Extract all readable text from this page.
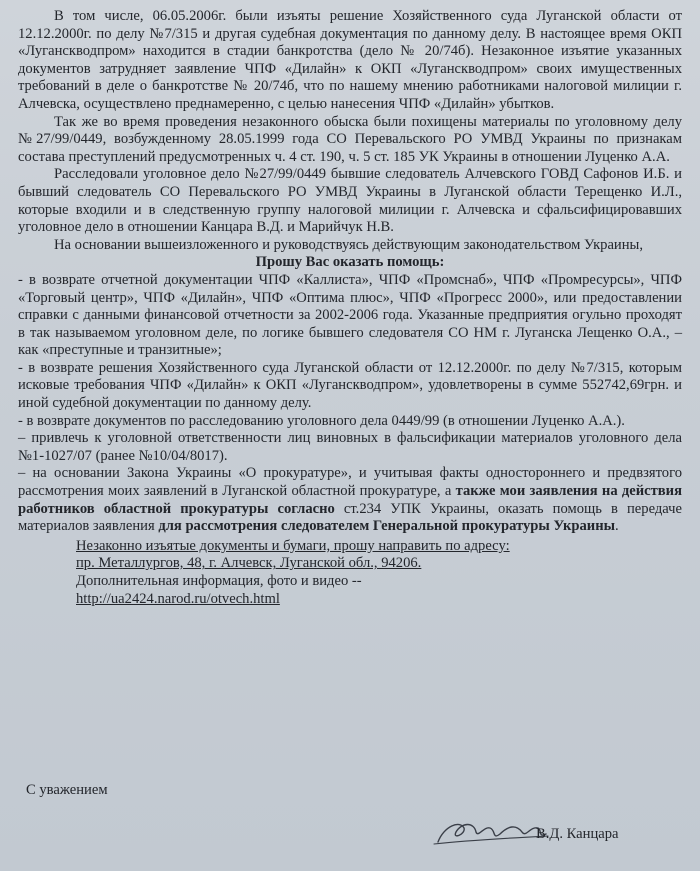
В том числе, 06.05.2006г. были изъяты решение Хозяйственного суда Луганской области от 12.12.2000г. по делу №7/315 и другая судебная документация по данному делу. В настоящее время ОКП «Луганскводпром» находится в стадии банкротства (дело № 20/74б). Незаконное изъятие указанных документов затрудняет заявление ЧПФ «Дилайн» к ОКП «Луганскводпром» своих имущественных требований в деле о банкротстве № 20/74б, что по нашему мнению работниками налоговой милиции г. Алчевска, осуществлено преднамеренно, с целью нанесения ЧПФ «Дилайн» убытков.

Так же во время проведения незаконного обыска были похищены материалы по уголовному делу №27/99/0449, возбужденному 28.05.1999 года СО Перевальского РО УМВД Украины по признакам состава преступлений предусмотренных ч. 4 ст. 190, ч. 5 ст. 185 УК Украины в отношении Луценко А.А.

Расследовали уголовное дело №27/99/0449 бывшие следователь Алчевского ГОВД Сафонов И.Б. и бывший следователь СО Перевальского РО УМВД Украины в Луганской области Терещенко И.Л., которые входили и в следственную группу налоговой милиции г. Алчевска и сфальсифицировавших уголовное дело в отношении Канцара В.Д. и Марийчук Н.В.

На основании вышеизложенного и руководствуясь действующим законодательством Украины,

Прошу Вас оказать помощь:

- в возврате отчетной документации ЧПФ «Каллиста», ЧПФ «Промснаб», ЧПФ «Промресурсы», ЧПФ «Торговый центр», ЧПФ «Дилайн», ЧПФ «Оптима плюс», ЧПФ «Прогресс 2000», или предоставлении справки с данными финансовой отчетности за 2002-2006 года. Указанные предприятия огульно проходят в так называемом уголовном деле, по логике бывшего следователя СО НМ г. Луганска Лещенко О.А., – как «преступные и транзитные»;

- в возврате решения Хозяйственного суда Луганской области от 12.12.2000г. по делу №7/315, которым исковые требования ЧПФ «Дилайн» к ОКП «Луганскводпром», удовлетворены в сумме 552742,69грн. и иной судебной документации по данному делу.

- в возврате документов по расследованию уголовного дела 0449/99 (в отношении Луценко А.А.).

– привлечь к уголовной ответственности лиц виновных в фальсификации материалов уголовного дела №1-1027/07 (ранее №10/04/8017).

– на основании Закона Украины «О прокуратуре», и учитывая факты одностороннего и предвзятого рассмотрения моих заявлений в Луганской областной прокуратуре, а также мои заявления на действия работников областной прокуратуры согласно ст.234 УПК Украины, оказать помощь в передаче материалов заявления для рассмотрения следователем Генеральной прокуратуры Украины.

Незаконно изъятые документы и бумаги, прошу направить по адресу:
пр. Металлургов, 48, г. Алчевск, Луганской обл., 94206.
Дополнительная информация, фото и видео --
http://ua2424.narod.ru/otvech.html
С уважением
В.Д. Канцара
